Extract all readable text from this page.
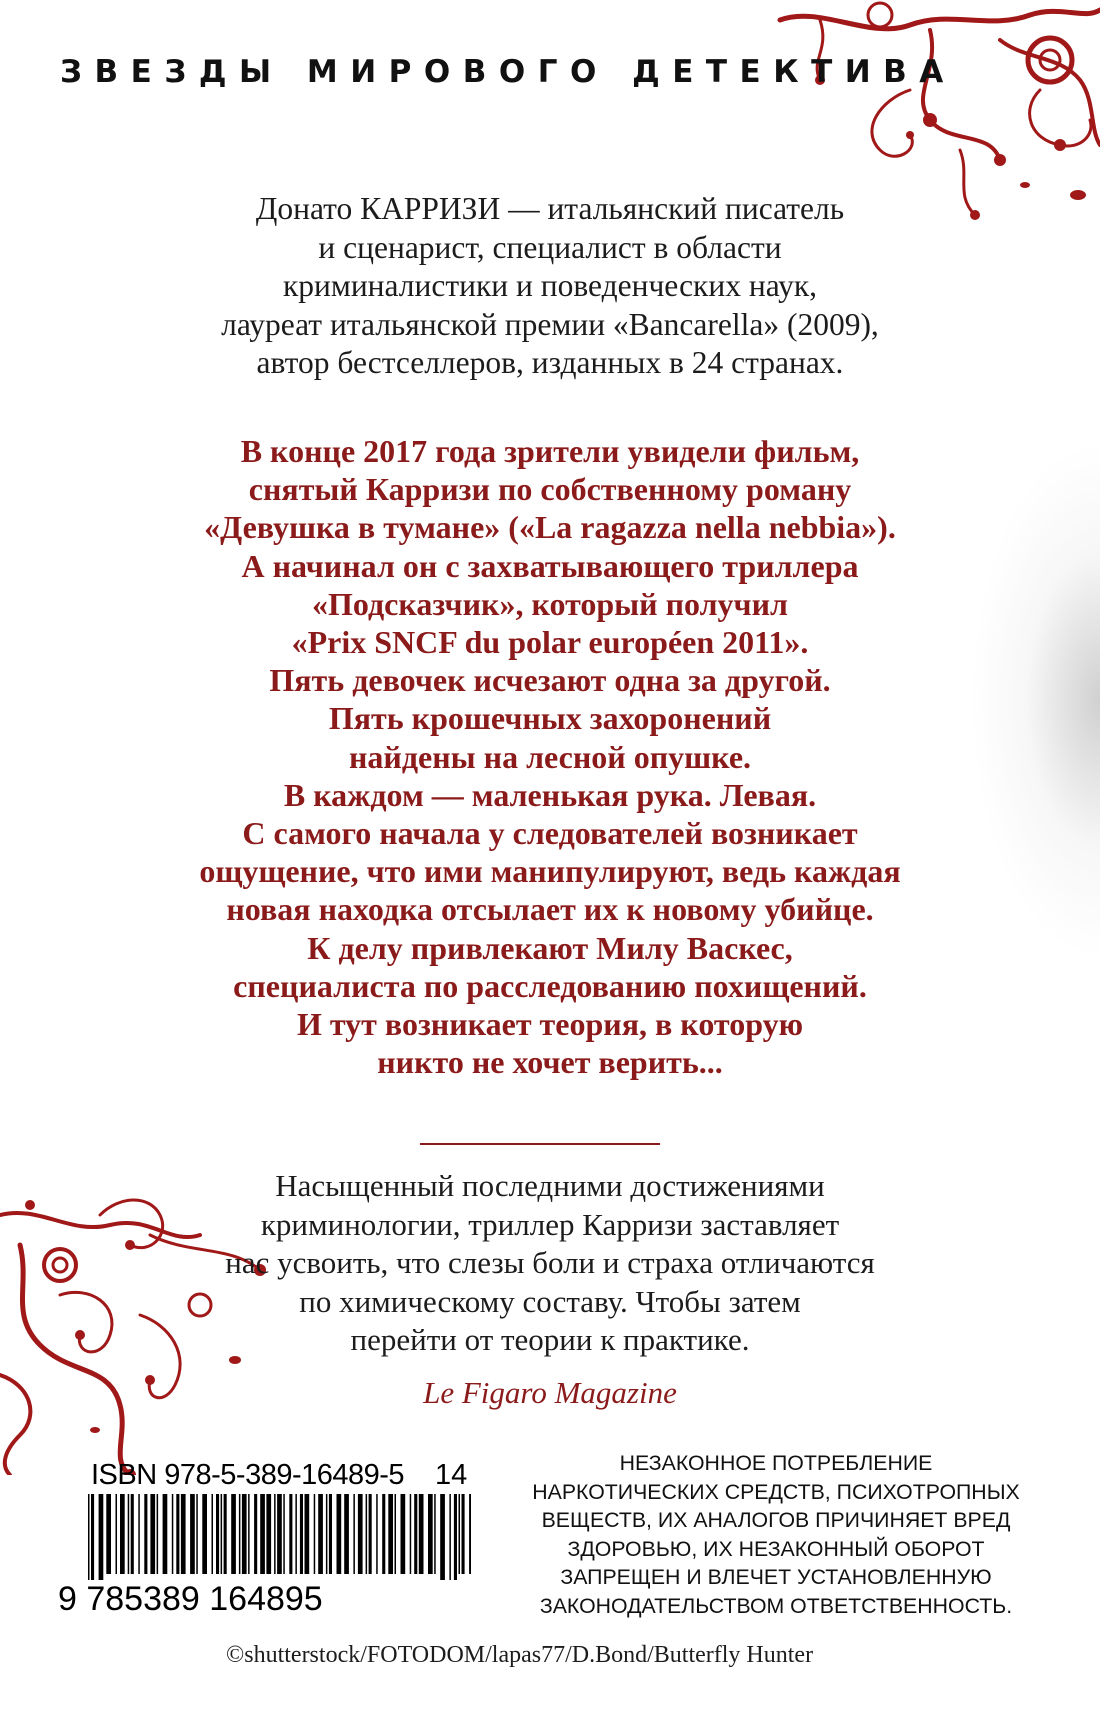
ЗВЕЗДЫ МИРОВОГО ДЕТЕКТИВА
Донато КАРРИЗИ — итальянский писатель
и сценарист, специалист в области
криминалистики и поведенческих наук,
лауреат итальянской премии «Bancarella» (2009),
автор бестселлеров, изданных в 24 странах.
В конце 2017 года зрители увидели фильм,
снятый Карризи по собственному роману
«Девушка в тумане» («La ragazza nella nebbia»).
А начинал он с захватывающего триллера
«Подсказчик», который получил
«Prix SNCF du polar européen 2011».
Пять девочек исчезают одна за другой.
Пять крошечных захоронений
найдены на лесной опушке.
В каждом — маленькая рука. Левая.
С самого начала у следователей возникает
ощущение, что ими манипулируют, ведь каждая
новая находка отсылает их к новому убийце.
К делу привлекают Милу Васкес,
специалиста по расследованию похищений.
И тут возникает теория, в которую
никто не хочет верить...
Насыщенный последними достижениями
криминологии, триллер Карризи заставляет
нас усвоить, что слезы боли и страха отличаются
по химическому составу. Чтобы затем
перейти от теории к практике.
Le Figaro Magazine
ISBN 978-5-389-16489-5 14
9 785389 164895
НЕЗАКОННОЕ ПОТРЕБЛЕНИЕ
НАРКОТИЧЕСКИХ СРЕДСТВ, ПСИХОТРОПНЫХ
ВЕЩЕСТВ, ИХ АНАЛОГОВ ПРИЧИНЯЕТ ВРЕД
ЗДОРОВЬЮ, ИХ НЕЗАКОННЫЙ ОБОРОТ
ЗАПРЕЩЕН И ВЛЕЧЕТ УСТАНОВЛЕННУЮ
ЗАКОНОДАТЕЛЬСТВОМ ОТВЕТСТВЕННОСТЬ.
©shutterstock/FOTODOM/lapas77/D.Bond/Butterfly Hunter
